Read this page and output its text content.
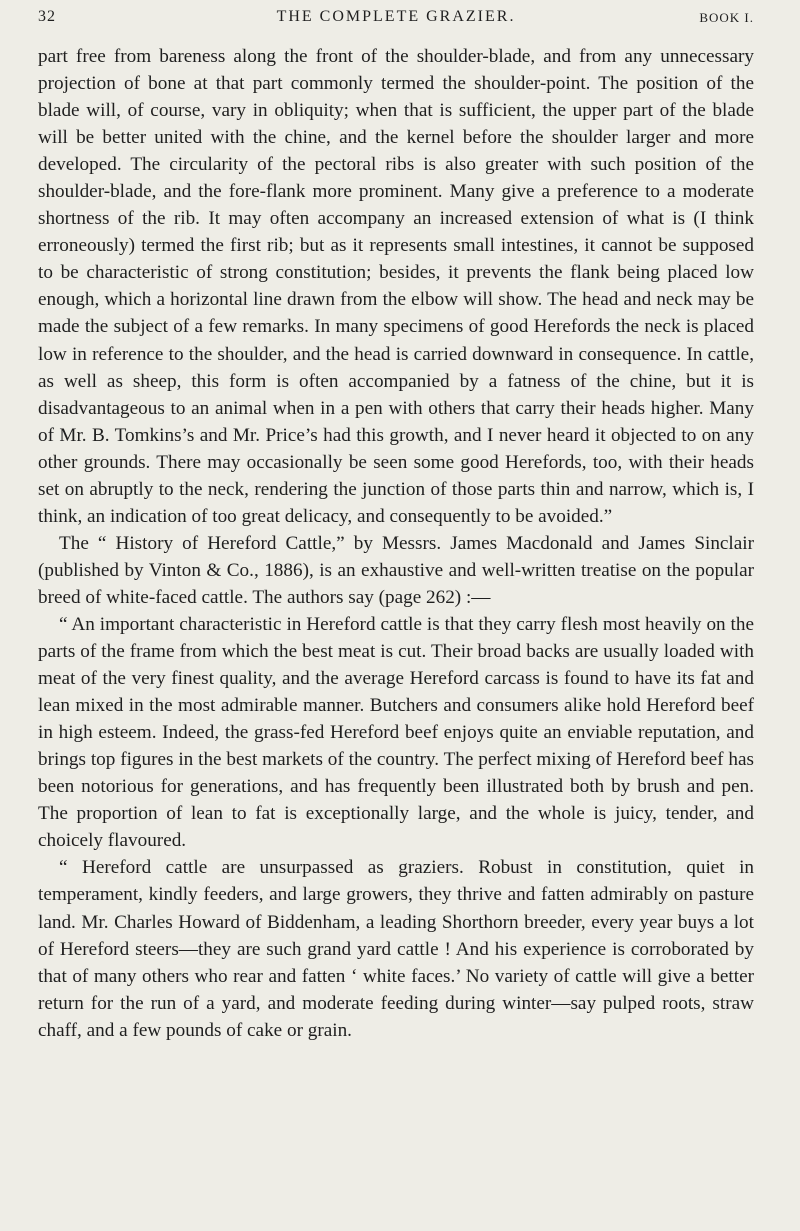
32	THE COMPLETE GRAZIER.	BOOK I.

part free from bareness along the front of the shoulder-blade, and from any unnecessary projection of bone at that part commonly termed the shoulder-point. The position of the blade will, of course, vary in obliquity; when that is sufficient, the upper part of the blade will be better united with the chine, and the kernel before the shoulder larger and more developed. The circularity of the pectoral ribs is also greater with such position of the shoulder-blade, and the fore-flank more prominent. Many give a preference to a moderate shortness of the rib. It may often accompany an increased extension of what is (I think erroneously) termed the first rib; but as it represents small intestines, it cannot be supposed to be characteristic of strong constitution; besides, it prevents the flank being placed low enough, which a horizontal line drawn from the elbow will show. The head and neck may be made the subject of a few remarks. In many specimens of good Herefords the neck is placed low in reference to the shoulder, and the head is carried downward in consequence. In cattle, as well as sheep, this form is often accompanied by a fatness of the chine, but it is disadvantageous to an animal when in a pen with others that carry their heads higher. Many of Mr. B. Tomkins’s and Mr. Price’s had this growth, and I never heard it objected to on any other grounds. There may occasionally be seen some good Herefords, too, with their heads set on abruptly to the neck, rendering the junction of those parts thin and narrow, which is, I think, an indication of too great delicacy, and consequently to be avoided.”

The “ History of Hereford Cattle,” by Messrs. James Macdonald and James Sinclair (published by Vinton & Co., 1886), is an exhaustive and well-written treatise on the popular breed of white-faced cattle. The authors say (page 262) :—

“ An important characteristic in Hereford cattle is that they carry flesh most heavily on the parts of the frame from which the best meat is cut. Their broad backs are usually loaded with meat of the very finest quality, and the average Hereford carcass is found to have its fat and lean mixed in the most admirable manner. Butchers and consumers alike hold Hereford beef in high esteem. Indeed, the grass-fed Hereford beef enjoys quite an enviable reputation, and brings top figures in the best markets of the country. The perfect mixing of Hereford beef has been notorious for generations, and has frequently been illustrated both by brush and pen. The proportion of lean to fat is exceptionally large, and the whole is juicy, tender, and choicely flavoured.

“ Hereford cattle are unsurpassed as graziers. Robust in constitution, quiet in temperament, kindly feeders, and large growers, they thrive and fatten admirably on pasture land. Mr. Charles Howard of Biddenham, a leading Shorthorn breeder, every year buys a lot of Hereford steers—they are such grand yard cattle ! And his experience is corroborated by that of many others who rear and fatten ‘ white faces.’ No variety of cattle will give a better return for the run of a yard, and moderate feeding during winter—say pulped roots, straw chaff, and a few pounds of cake or grain.
